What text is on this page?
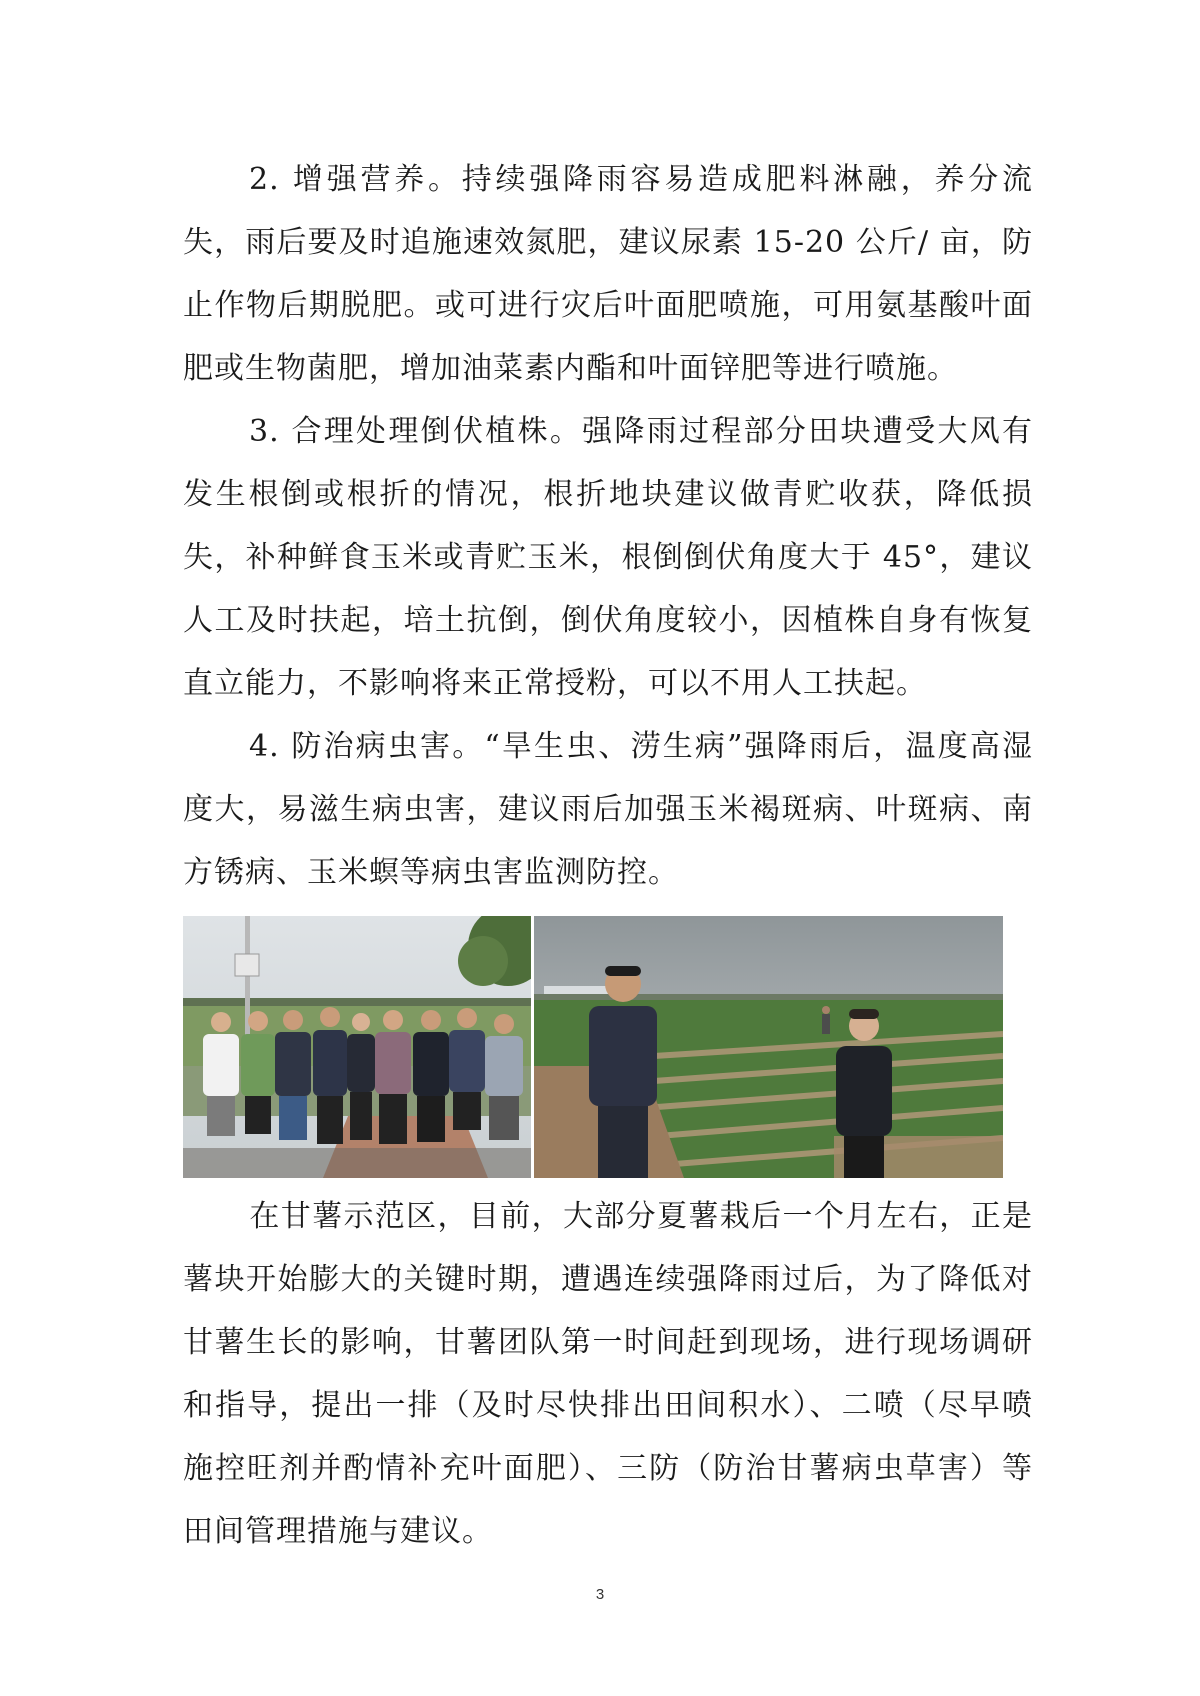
2. 增强营养。持续强降雨容易造成肥料淋融，养分流失，雨后要及时追施速效氮肥，建议尿素 15-20 公斤/ 亩，防止作物后期脱肥。或可进行灾后叶面肥喷施，可用氨基酸叶面肥或生物菌肥，增加油菜素内酯和叶面锌肥等进行喷施。

3. 合理处理倒伏植株。强降雨过程部分田块遭受大风有发生根倒或根折的情况，根折地块建议做青贮收获，降低损失，补种鲜食玉米或青贮玉米，根倒倒伏角度大于 45°，建议人工及时扶起，培土抗倒，倒伏角度较小，因植株自身有恢复直立能力，不影响将来正常授粉，可以不用人工扶起。

4. 防治病虫害。“旱生虫、涝生病”强降雨后，温度高湿度大，易滋生病虫害，建议雨后加强玉米褐斑病、叶斑病、南方锈病、玉米螟等病虫害监测防控。

在甘薯示范区，目前，大部分夏薯栽后一个月左右，正是薯块开始膨大的关键时期，遭遇连续强降雨过后，为了降低对甘薯生长的影响，甘薯团队第一时间赶到现场，进行现场调研和指导，提出一排（及时尽快排出田间积水）、二喷（尽早喷施控旺剂并酌情补充叶面肥）、三防（防治甘薯病虫草害）等田间管理措施与建议。

3
